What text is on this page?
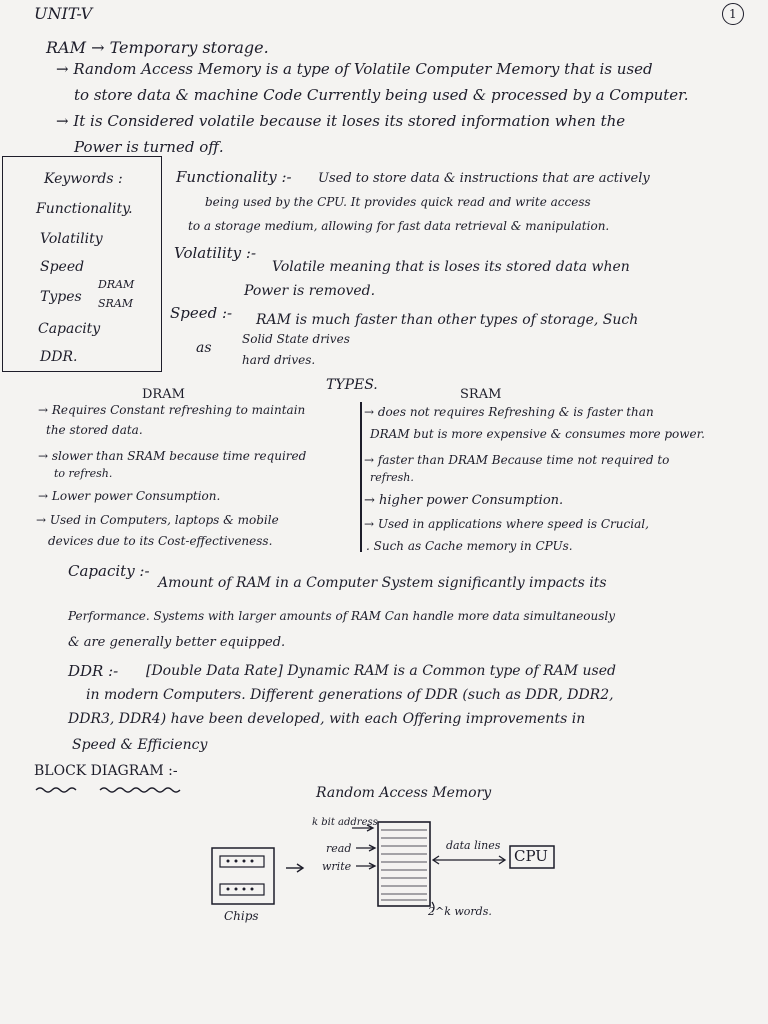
UNIT-V	1
RAM → Temporary storage.
→ Random Access Memory is a type of Volatile Computer Memory that is used
to store data & machine Code Currently being used & processed by a Computer.
→ It is Considered volatile because it loses its stored information when the
Power is turned off.
Keywords :
Functionality.
Volatility
Speed
Types
DRAM
SRAM
Capacity
DDR.
Functionality :- Used to store data & instructions that are actively
being used by the CPU. It provides quick read and write access
to a storage medium, allowing for fast data retrieval & manipulation.
Volatility :-
Volatile meaning that is loses its stored data when
Power is removed.
Speed :- RAM is much faster than other types of storage, Such
as
Solid State drives
hard drives.
TYPES.
DRAM	SRAM
→ Requires Constant refreshing to maintain
the stored data.
→ slower than SRAM because time required
to refresh.
→ Lower power Consumption.
→ Used in Computers, laptops & mobile
devices due to its Cost-effectiveness.
→ does not requires Refreshing & is faster than
DRAM but is more expensive & consumes more power.
→ faster than DRAM Because time not required to
refresh.
→ higher power Consumption.
→ Used in applications where speed is Crucial,
. Such as Cache memory in CPUs.
Capacity :-
Amount of RAM in a Computer System significantly impacts its
Performance. Systems with larger amounts of RAM Can handle more data simultaneously
& are generally better equipped.
DDR :- [Double Data Rate] Dynamic RAM is a Common type of RAM used
in modern Computers. Different generations of DDR (such as DDR, DDR2,
DDR3, DDR4) have been developed, with each Offering improvements in
Speed & Efficiency
BLOCK DIAGRAM :-
Random Access Memory
k bit address
read
write
data lines
CPU
Chips	2^k words.
